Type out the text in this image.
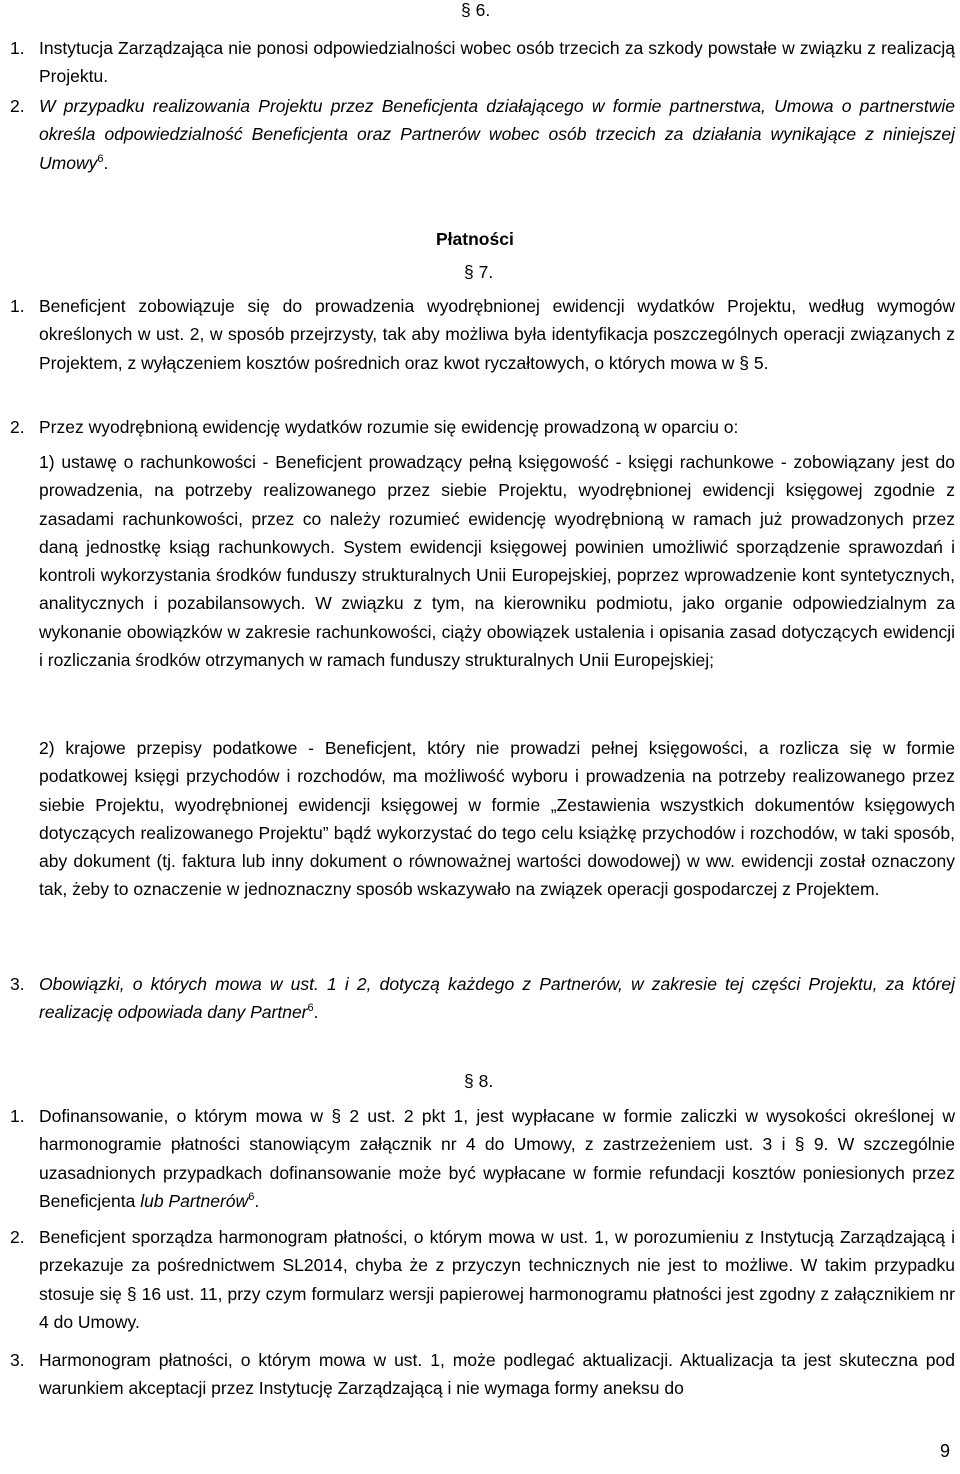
§ 6.

1. Instytucja Zarządzająca nie ponosi odpowiedzialności wobec osób trzecich za szkody powstałe w związku z realizacją Projektu.

2. W przypadku realizowania Projektu przez Beneficjenta działającego w formie partnerstwa, Umowa o partnerstwie określa odpowiedzialność Beneficjenta oraz Partnerów wobec osób trzecich za działania wynikające z niniejszej Umowy$^6$.

Płatności
§ 7.

1. Beneficjent zobowiązuje się do prowadzenia wyodrębnionej ewidencji wydatków Projektu, według wymogów określonych w ust. 2, w sposób przejrzysty, tak aby możliwa była identyfikacja poszczególnych operacji związanych z Projektem, z wyłączeniem kosztów pośrednich oraz kwot ryczałtowych, o których mowa w § 5.

2. Przez wyodrębnioną ewidencję wydatków rozumie się ewidencję prowadzoną w oparciu o:

1) ustawę o rachunkowości - Beneficjent prowadzący pełną księgowość - księgi rachunkowe - zobowiązany jest do prowadzenia, na potrzeby realizowanego przez siebie Projektu, wyodrębnionej ewidencji księgowej zgodnie z zasadami rachunkowości, przez co należy rozumieć ewidencję wyodrębnioną w ramach już prowadzonych przez daną jednostkę ksiąg rachunkowych. System ewidencji księgowej powinien umożliwić sporządzenie sprawozdań i kontroli wykorzystania środków funduszy strukturalnych Unii Europejskiej, poprzez wprowadzenie kont syntetycznych, analitycznych i pozabilansowych. W związku z tym, na kierowniku podmiotu, jako organie odpowiedzialnym za wykonanie obowiązków w zakresie rachunkowości, ciąży obowiązek ustalenia i opisania zasad dotyczących ewidencji i rozliczania środków otrzymanych w ramach funduszy strukturalnych Unii Europejskiej;

2) krajowe przepisy podatkowe - Beneficjent, który nie prowadzi pełnej księgowości, a rozlicza się w formie podatkowej księgi przychodów i rozchodów, ma możliwość wyboru i prowadzenia na potrzeby realizowanego przez siebie Projektu, wyodrębnionej ewidencji księgowej w formie „Zestawienia wszystkich dokumentów księgowych dotyczących realizowanego Projektu” bądź wykorzystać do tego celu książkę przychodów i rozchodów, w taki sposób, aby dokument (tj. faktura lub inny dokument o równoważnej wartości dowodowej) w ww. ewidencji został oznaczony tak, żeby to oznaczenie w jednoznaczny sposób wskazywało na związek operacji gospodarczej z Projektem.

3. Obowiązki, o których mowa w ust. 1 i 2, dotyczą każdego z Partnerów, w zakresie tej części Projektu, za której realizację odpowiada dany Partner$^6$.

§ 8.

1. Dofinansowanie, o którym mowa w § 2 ust. 2 pkt 1, jest wypłacane w formie zaliczki w wysokości określonej w harmonogramie płatności stanowiącym załącznik nr 4 do Umowy, z zastrzeżeniem ust. 3 i § 9. W szczególnie uzasadnionych przypadkach dofinansowanie może być wypłacane w formie refundacji kosztów poniesionych przez Beneficjenta lub Partnerów$^6$.

2. Beneficjent sporządza harmonogram płatności, o którym mowa w ust. 1, w porozumieniu z Instytucją Zarządzającą i przekazuje za pośrednictwem SL2014, chyba że z przyczyn technicznych nie jest to możliwe. W takim przypadku stosuje się § 16 ust. 11, przy czym formularz wersji papierowej harmonogramu płatności jest zgodny z załącznikiem nr 4 do Umowy.

3. Harmonogram płatności, o którym mowa w ust. 1, może podlegać aktualizacji. Aktualizacja ta jest skuteczna pod warunkiem akceptacji przez Instytucję Zarządzającą i nie wymaga formy aneksu do

9
